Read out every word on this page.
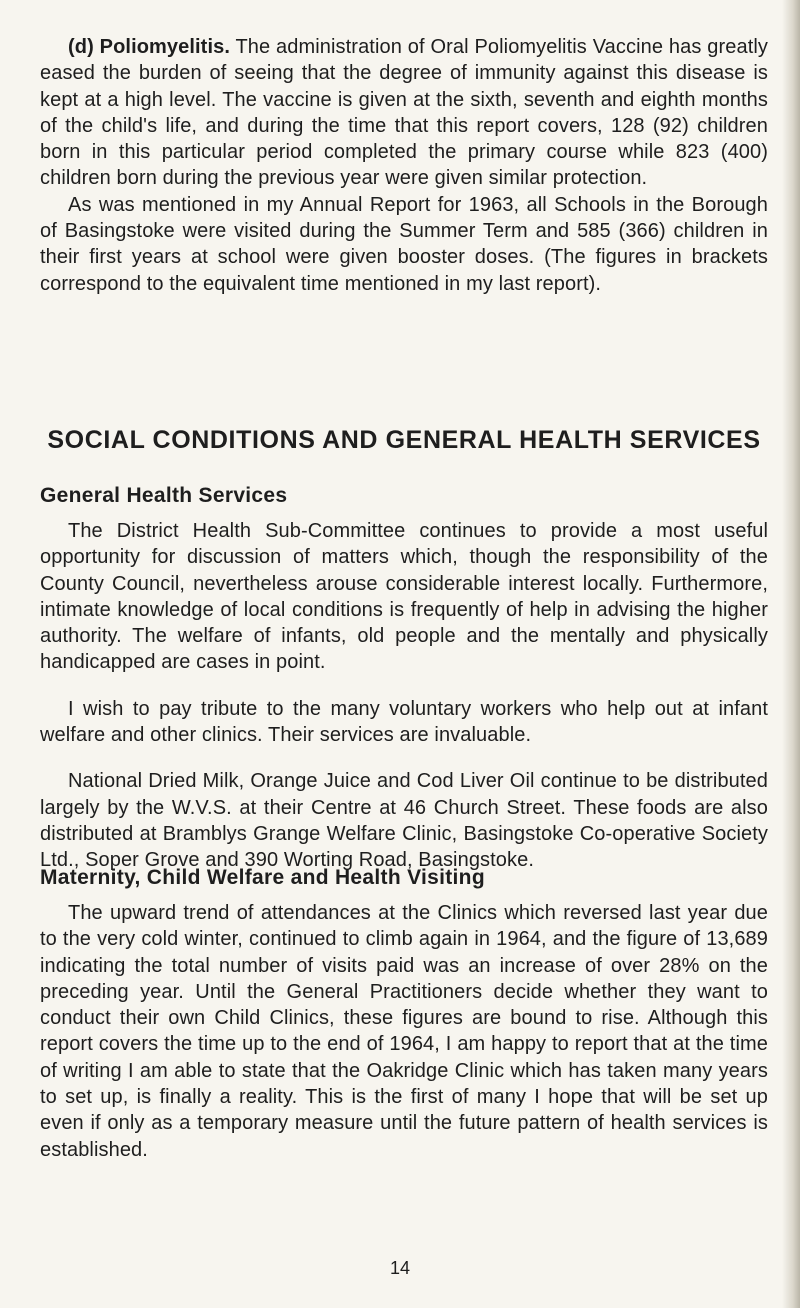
(d) Poliomyelitis. The administration of Oral Poliomyelitis Vaccine has greatly eased the burden of seeing that the degree of immunity against this disease is kept at a high level. The vaccine is given at the sixth, seventh and eighth months of the child's life, and during the time that this report covers, 128 (92) children born in this particular period completed the primary course while 823 (400) children born during the previous year were given similar protection.

As was mentioned in my Annual Report for 1963, all Schools in the Borough of Basingstoke were visited during the Summer Term and 585 (366) children in their first years at school were given booster doses. (The figures in brackets correspond to the equivalent time mentioned in my last report).

SOCIAL CONDITIONS AND GENERAL HEALTH SERVICES
General Health Services

The District Health Sub-Committee continues to provide a most useful opportunity for discussion of matters which, though the responsibility of the County Council, nevertheless arouse considerable interest locally. Furthermore, intimate knowledge of local conditions is frequently of help in advising the higher authority. The welfare of infants, old people and the mentally and physically handicapped are cases in point.

I wish to pay tribute to the many voluntary workers who help out at infant welfare and other clinics. Their services are invaluable.

National Dried Milk, Orange Juice and Cod Liver Oil continue to be distributed largely by the W.V.S. at their Centre at 46 Church Street. These foods are also distributed at Bramblys Grange Welfare Clinic, Basingstoke Co-operative Society Ltd., Soper Grove and 390 Worting Road, Basingstoke.

Maternity, Child Welfare and Health Visiting

The upward trend of attendances at the Clinics which reversed last year due to the very cold winter, continued to climb again in 1964, and the figure of 13,689 indicating the total number of visits paid was an increase of over 28% on the preceding year. Until the General Practitioners decide whether they want to conduct their own Child Clinics, these figures are bound to rise. Although this report covers the time up to the end of 1964, I am happy to report that at the time of writing I am able to state that the Oakridge Clinic which has taken many years to set up, is finally a reality. This is the first of many I hope that will be set up even if only as a temporary measure until the future pattern of health services is established.

14
